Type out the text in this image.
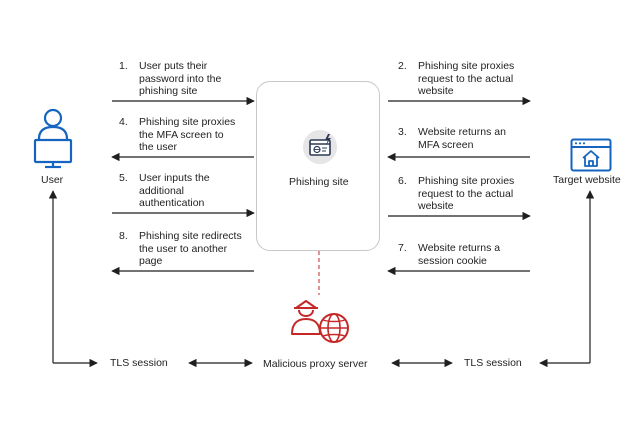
User	Target website
Phishing site
Malicious proxy server
TLS session	TLS session
1. User puts their
password into the
phishing site
4. Phishing site proxies
the MFA screen to
the user
5. User inputs the
additional
authentication
8. Phishing site redirects
the user to another
page
2. Phishing site proxies
request to the actual
website
3. Website returns an
MFA screen
6. Phishing site proxies
request to the actual
website
7. Website returns a
session cookie
